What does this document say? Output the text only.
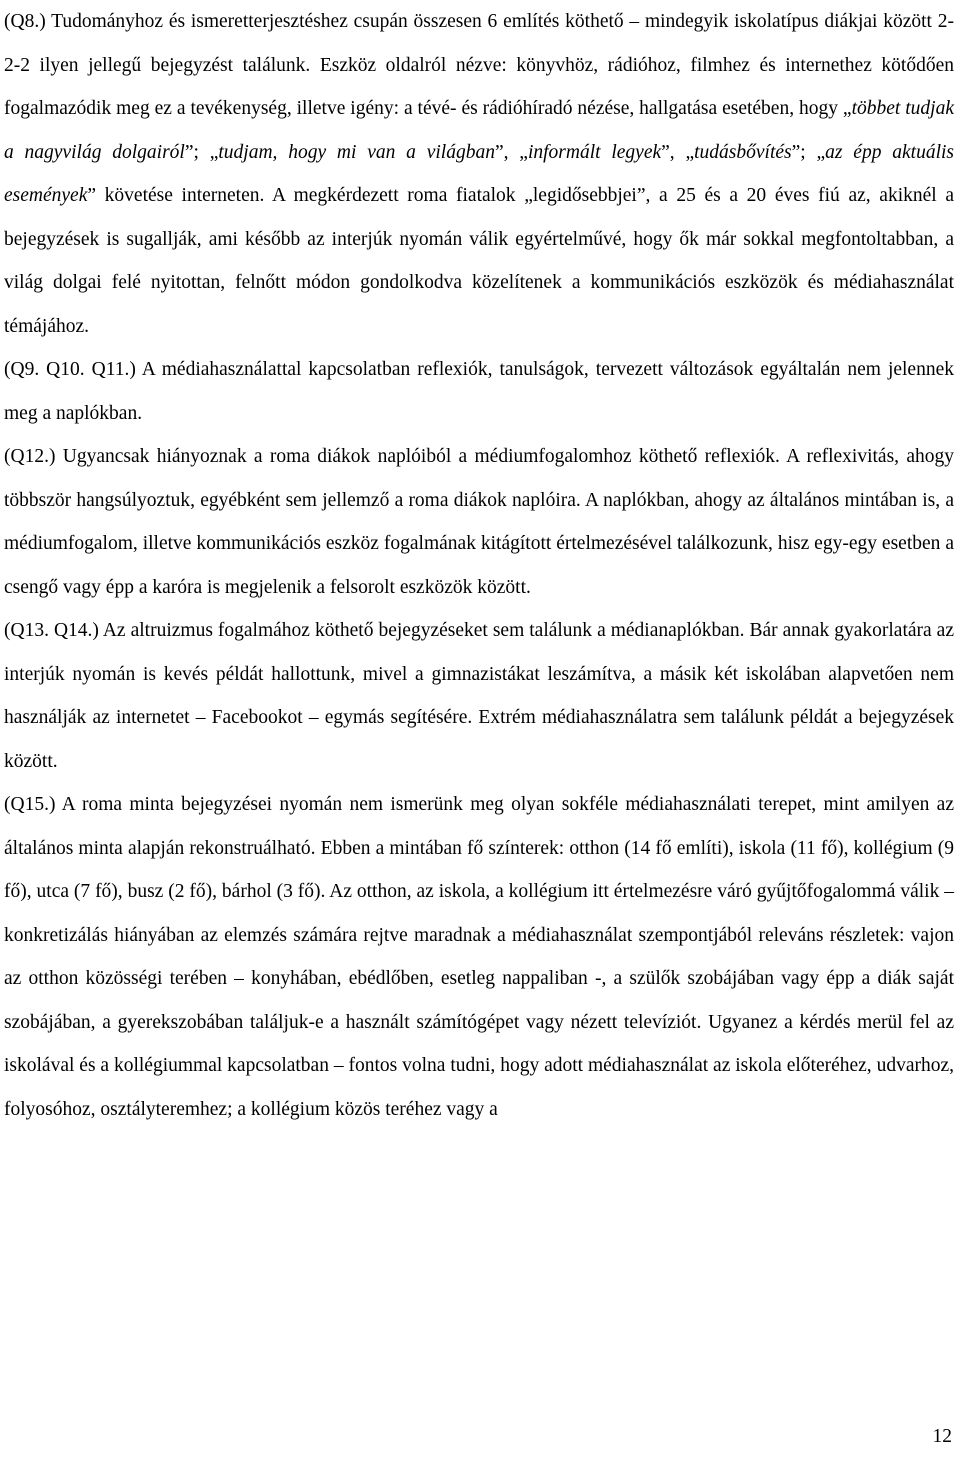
(Q8.) Tudományhoz és ismeretterjesztéshez csupán összesen 6 említés köthető – mindegyik iskolatípus diákjai között 2-2-2 ilyen jellegű bejegyzést találunk. Eszköz oldalról nézve: könyvhöz, rádióhoz, filmhez és internethez kötődően fogalmazódik meg ez a tevékenység, illetve igény: a tévé- és rádióhíradó nézése, hallgatása esetében, hogy „többet tudjak a nagyvilág dolgairól”; „tudjam, hogy mi van a világban”, „informált legyek”, „tudásbővítés”; „az épp aktuális események” követése interneten. A megkérdezett roma fiatalok „legidősebbjei”, a 25 és a 20 éves fiú az, akiknél a bejegyzések is sugallják, ami később az interjúk nyomán válik egyértelművé, hogy ők már sokkal megfontoltabban, a világ dolgai felé nyitottan, felnőtt módon gondolkodva közelítenek a kommunikációs eszközök és médiahasználat témájához.

(Q9. Q10. Q11.) A médiahasználattal kapcsolatban reflexiók, tanulságok, tervezett változások egyáltalán nem jelennek meg a naplókban.

(Q12.) Ugyancsak hiányoznak a roma diákok naplóiból a médiumfogalomhoz köthető reflexiók. A reflexivitás, ahogy többször hangsúlyoztuk, egyébként sem jellemző a roma diákok naplóira. A naplókban, ahogy az általános mintában is, a médiumfogalom, illetve kommunikációs eszköz fogalmának kitágított értelmezésével találkozunk, hisz egy-egy esetben a csengő vagy épp a karóra is megjelenik a felsorolt eszközök között.

(Q13. Q14.) Az altruizmus fogalmához köthető bejegyzéseket sem találunk a médianaplókban. Bár annak gyakorlatára az interjúk nyomán is kevés példát hallottunk, mivel a gimnazistákat leszámítva, a másik két iskolában alapvetően nem használják az internetet – Facebookot – egymás segítésére. Extrém médiahasználatra sem találunk példát a bejegyzések között.

(Q15.) A roma minta bejegyzései nyomán nem ismerünk meg olyan sokféle médiahasználati terepet, mint amilyen az általános minta alapján rekonstruálható. Ebben a mintában fő színterek: otthon (14 fő említi), iskola (11 fő), kollégium (9 fő), utca (7 fő), busz (2 fő), bárhol (3 fő). Az otthon, az iskola, a kollégium itt értelmezésre váró gyűjtőfogalommá válik – konkretizálás hiányában az elemzés számára rejtve maradnak a médiahasználat szempontjából releváns részletek: vajon az otthon közösségi terében – konyhában, ebédlőben, esetleg nappaliban -, a szülők szobájában vagy épp a diák saját szobájában, a gyerekszobában találjuk-e a használt számítógépet vagy nézett televíziót. Ugyanez a kérdés merül fel az iskolával és a kollégiummal kapcsolatban – fontos volna tudni, hogy adott médiahasználat az iskola előteréhez, udvarhoz, folyosóhoz, osztályteremhez; a kollégium közös teréhez vagy a

12
